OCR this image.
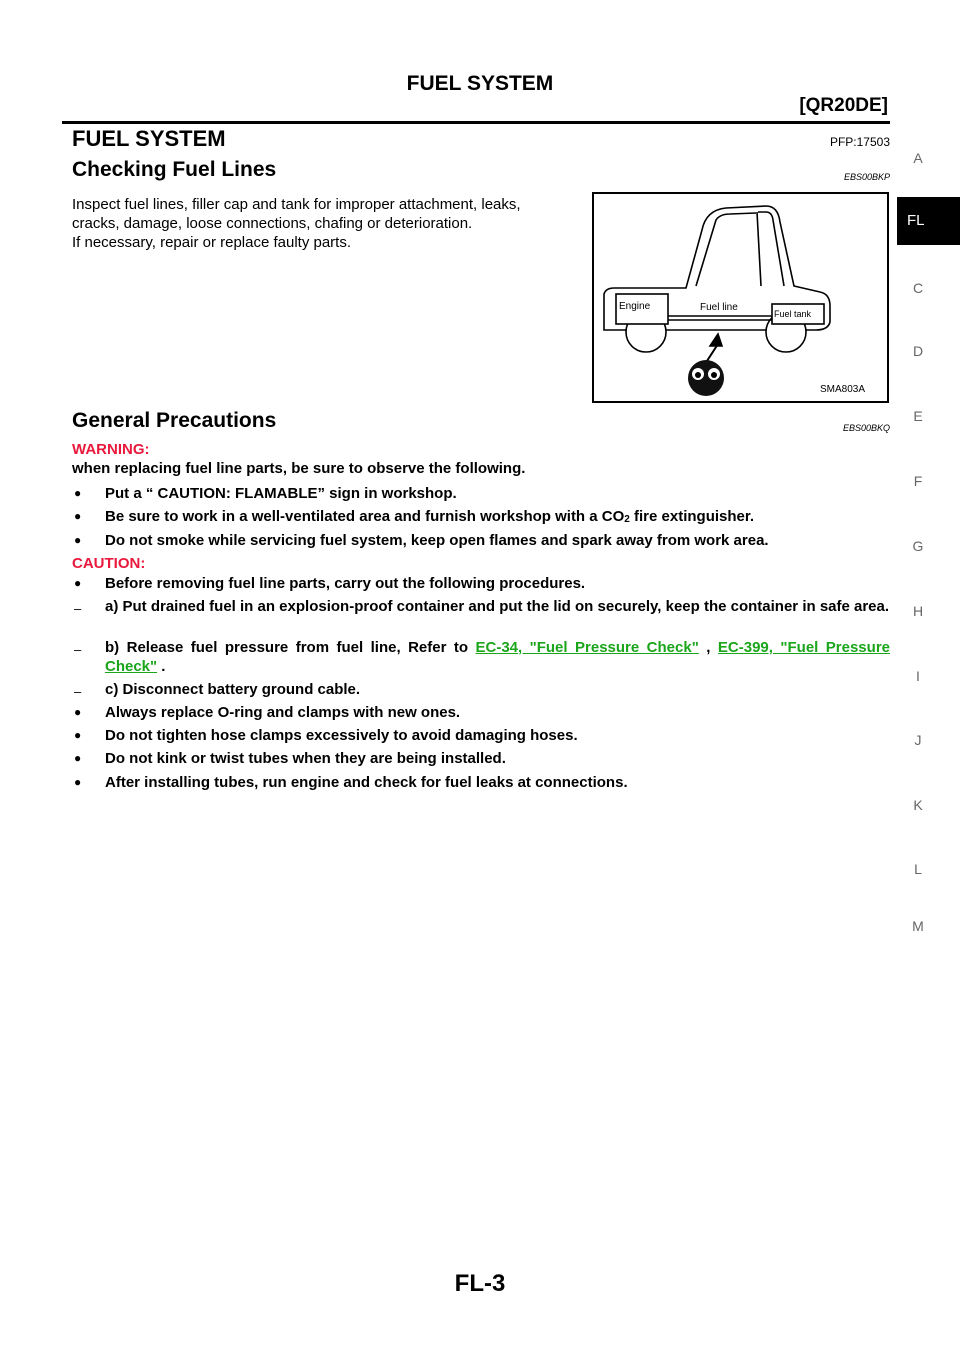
FUEL SYSTEM
[QR20DE]
FUEL SYSTEM	PFP:17503
Checking Fuel Lines	EBS00BKP
Inspect fuel lines, filler cap and tank for improper attachment, leaks,
cracks, damage, loose connections, chafing or deterioration.
If necessary, repair or replace faulty parts.
Engine	Fuel line
Fuel tank
SMA803A
General Precautions	EBS00BKQ
WARNING:
when replacing fuel line parts, be sure to observe the following.
● Put a “ CAUTION: FLAMABLE” sign in workshop.
● Be sure to work in a well-ventilated area and furnish workshop with a $CO_2$ fire extinguisher.
● Do not smoke while servicing fuel system, keep open flames and spark away from work area.
CAUTION:
● Before removing fuel line parts, carry out the following procedures.
– a) Put drained fuel in an explosion-proof container and put the lid on securely, keep the container in safe area.
– b) Release fuel pressure from fuel line, Refer to EC-34, "Fuel Pressure Check" , EC-399, "Fuel Pressure Check" .
– c) Disconnect battery ground cable.
● Always replace O-ring and clamps with new ones.
● Do not tighten hose clamps excessively to avoid damaging hoses.
● Do not kink or twist tubes when they are being installed.
● After installing tubes, run engine and check for fuel leaks at connections.
A
FL
C
D
E
F
G
H
I
J
K
L
M
FL-3
